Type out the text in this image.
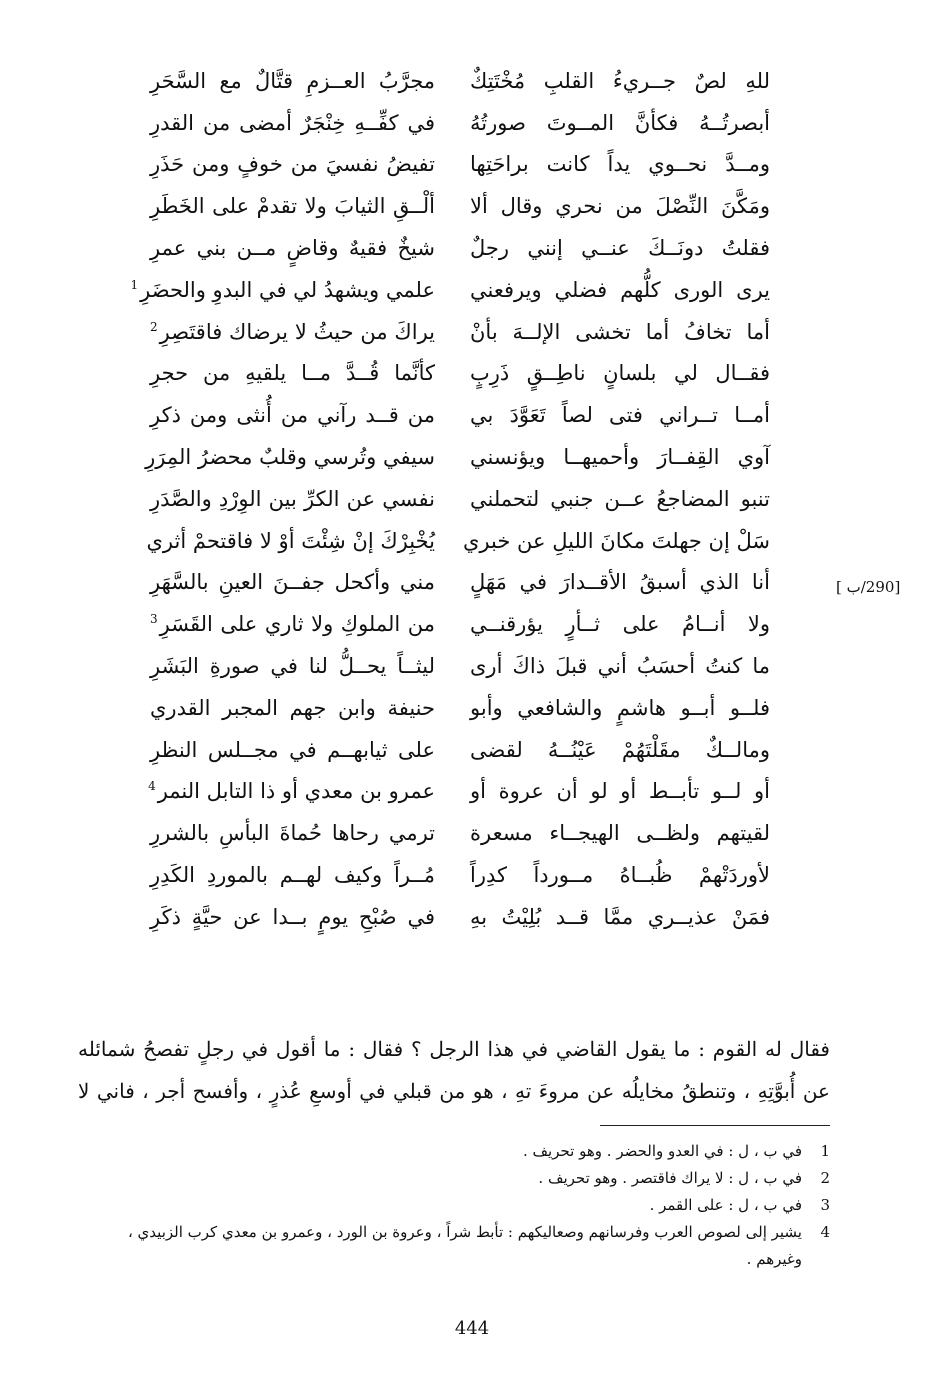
للهِ لصٌ جــريءُ القلبِ مُخْتَتِكٌ
مجرَّبُ العــزمِ قتَّالٌ مع السَّحَرِ
أبصرتُــهُ فكأنَّ المــوتَ صورتُهُ
في كفِّــهِ خِنْجَرٌ أمضى من القدرِ
ومــدَّ نحــوي يداً كانت براحَتِها
تفيضُ نفسيَ من خوفٍ ومن حَذَرِ
ومَكَّنَ النِّصْلَ من نحري وقال ألا
ألْــقِ الثيابَ ولا تقدمْ على الخَطَرِ
فقلتُ دونَــكَ عنــي إنني رجلٌ
شيخٌ فقيهٌ وقاضٍ مــن بني عمرِ
يرى الورى كلُّهم فضلي ويرفعني
علمي ويشهدُ لي في البدوِ والحضَرِ$^1$
أما تخافُ أما تخشى الإلــهَ بأنْ
يراكَ من حيثُ لا يرضاك فاقتَصِرِ$^2$
فقــال لي بلسانٍ ناطِــقٍ ذَرِبٍ
كأنَّما قُــدَّ مــا يلقيهِ من حجرِ
أمــا تــراني فتى لصاً تَعَوَّدَ بي
من قــد رآني من أُنثى ومن ذكرِ
آوي القِفــارَ وأحميهــا ويؤنسني
سيفي وتُرسي وقلبٌ محضرُ المِرَرِ
تنبو المضاجعُ عــن جنبي لتحملني
نفسي عن الكرِّ بين الوِرْدِ والصَّدَرِ
سَلْ إن جهلتَ مكانَ الليلِ عن خبري
يُخْبِرْكَ إنْ شِئْتَ أوْ لا فاقتحمْ أثري
أنا الذي أسبقُ الأقــدارَ في مَهَلٍ
مني وأكحل جفــنَ العينِ بالسَّهَرِ
ولا أنــامُ على ثــأرٍ يؤرقنــي
من الملوكِ ولا ثاري على القَسَرِ$^3$
ما كنتُ أحسَبُ أني قبلَ ذاكَ أرى
ليثــاً يحــلُّ لنا في صورةِ البَشَرِ
فلــو أبــو هاشمٍ والشافعي وأبو
حنيفة وابن جهم المجبر القدري
ومالــكٌ مقَلْتَهُمْ عَيْنُــهُ لقضى
على ثيابهــم في مجــلس النظرِ
أو لــو تأبــط أو لو أن عروة أو
عمرو بن معدي أو ذا التابل النمر$^4$
لقيتهم ولظــى الهيجــاء مسعرة
ترمي رحاها حُماةَ البأسِ بالشررِ
لأوردَتْهمْ ظُبــاهُ مــورداً كدِراً
مُــراً وكيف لهــم بالموردِ الكَدِرِ
فمَنْ عذيــري ممَّا قــد بُلِيْتُ بهِ
في صُبْحِ يومٍ بــدا عن حيَّةٍ ذكَرِ
[290/ب ]

فقال له القوم : ما يقول القاضي في هذا الرجل ؟ فقال : ما أقول في رجلٍ تفصحُ شمائله

عن أُبوَّتِهِ ، وتنطقُ مخايلُه عن مروءَ تهِ ، هو من قبلي في أوسعِ عُذرٍ ، وأفسح أجر ، فاني لا

1
في ب ، ل : في العدو والحضر . وهو تحريف .
2
في ب ، ل : لا يراك فاقتصر . وهو تحريف .
3
في ب ، ل : على القمر .
4
يشير إلى لصوص العرب وفرسانهم وصعاليكهم : تأبط شراً ، وعروة بن الورد ، وعمرو بن معدي كرب الزبيدي ، وغيرهم .
444
